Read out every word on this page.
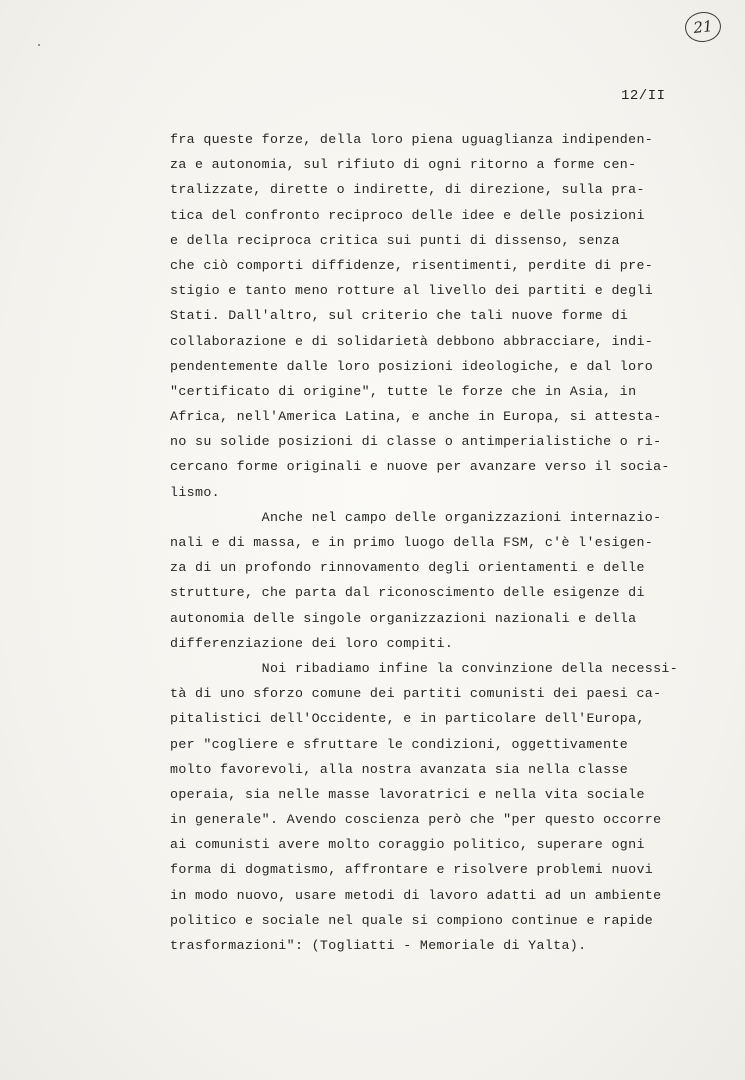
21
12/II
fra queste forze, della loro piena uguaglianza indipenden-
za e autonomia, sul rifiuto di ogni ritorno a forme cen-
tralizzate, dirette o indirette, di direzione, sulla pra-
tica del confronto reciproco delle idee e delle posizioni
e della reciproca critica sui punti di dissenso, senza
che ciò comporti diffidenze, risentimenti, perdite di pre-
stigio e tanto meno rotture al livello dei partiti e degli
Stati. Dall'altro, sul criterio che tali nuove forme di
collaborazione e di solidarietà debbono abbracciare, indi-
pendentemente dalle loro posizioni ideologiche, e dal loro
"certificato di origine", tutte le forze che in Asia, in
Africa, nell'America Latina, e anche in Europa, si attesta-
no su solide posizioni di classe o antimperialistiche o ri-
cercano forme originali e nuove per avanzare verso il socia-
lismo.
Anche nel campo delle organizzazioni internazio-
nali e di massa, e in primo luogo della FSM, c'è l'esigen-
za di un profondo rinnovamento degli orientamenti e delle
strutture, che parta dal riconoscimento delle esigenze di
autonomia delle singole organizzazioni nazionali e della
differenziazione dei loro compiti.
Noi ribadiamo infine la convinzione della necessi-
tà di uno sforzo comune dei partiti comunisti dei paesi ca-
pitalistici dell'Occidente, e in particolare dell'Europa,
per "cogliere e sfruttare le condizioni, oggettivamente
molto favorevoli, alla nostra avanzata sia nella classe
operaia, sia nelle masse lavoratrici e nella vita sociale
in generale". Avendo coscienza però che "per questo occorre
ai comunisti avere molto coraggio politico, superare ogni
forma di dogmatismo, affrontare e risolvere problemi nuovi
in modo nuovo, usare metodi di lavoro adatti ad un ambiente
politico e sociale nel quale si compiono continue e rapide
trasformazioni": (Togliatti - Memoriale di Yalta).
